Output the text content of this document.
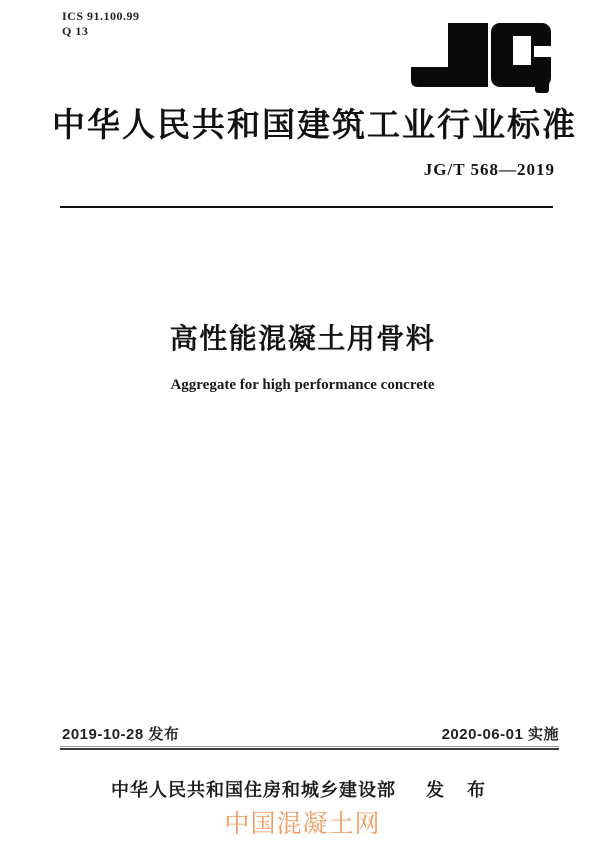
ICS 91.100.99
Q 13
中华人民共和国建筑工业行业标准
JG/T 568—2019
高性能混凝土用骨料
Aggregate for high performance concrete
2019-10-28 发布	2020-06-01 实施
中华人民共和国住房和城乡建设部 发 布
中国混凝土网
